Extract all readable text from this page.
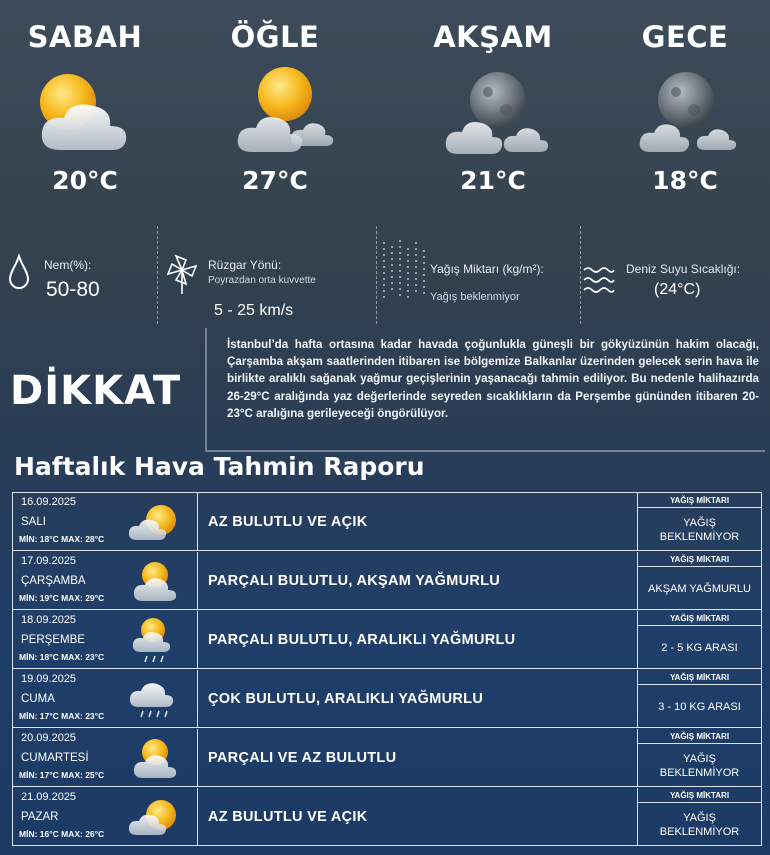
SABAH
20°C
ÖĞLE
27°C
AKŞAM
21°C
GECE
18°C
Nem(%):
50-80
Rüzgar Yönü:
Poyrazdan orta kuvvette
5 - 25 km/s
Yağış Miktarı (kg/m²):
Yağış beklenmiyor
Deniz Suyu Sıcaklığı:
(24°C)
DİKKAT

İstanbul’da hafta ortasına kadar havada çoğunlukla güneşli bir gökyüzünün hakim olacağı, Çarşamba akşam saatlerinden itibaren ise bölgemize Balkanlar üzerinden gelecek serin hava ile birlikte aralıklı sağanak yağmur geçişlerinin yaşanacağı tahmin ediliyor. Bu nedenle halihazırda 26-29°C aralığında yaz değerlerinde seyreden sıcaklıkların da Perşembe gününden itibaren 20-23°C aralığına gerileyeceği öngörülüyor.

Haftalık Hava Tahmin Raporu
16.09.2025
SALI
MİN: 18°C MAX: 28°C
AZ BULUTLU VE AÇIK
YAĞIŞ MİKTARI
YAĞIŞ BEKLENMİYOR
17.09.2025
ÇARŞAMBA
MİN: 19°C MAX: 29°C
PARÇALI BULUTLU, AKŞAM YAĞMURLU
YAĞIŞ MİKTARI
AKŞAM YAĞMURLU
18.09.2025
PERŞEMBE
MİN: 18°C MAX: 23°C
PARÇALI BULUTLU, ARALIKLI YAĞMURLU
YAĞIŞ MİKTARI
2 - 5 KG ARASI
19.09.2025
CUMA
MİN: 17°C MAX: 23°C
ÇOK BULUTLU, ARALIKLI YAĞMURLU
YAĞIŞ MİKTARI
3 - 10 KG ARASI
20.09.2025
CUMARTESİ
MİN: 17°C MAX: 25°C
PARÇALI VE AZ BULUTLU
YAĞIŞ MİKTARI
YAĞIŞ BEKLENMİYOR
21.09.2025
PAZAR
MİN: 16°C MAX: 26°C
AZ BULUTLU VE AÇIK
YAĞIŞ MİKTARI
YAĞIŞ BEKLENMİYOR
